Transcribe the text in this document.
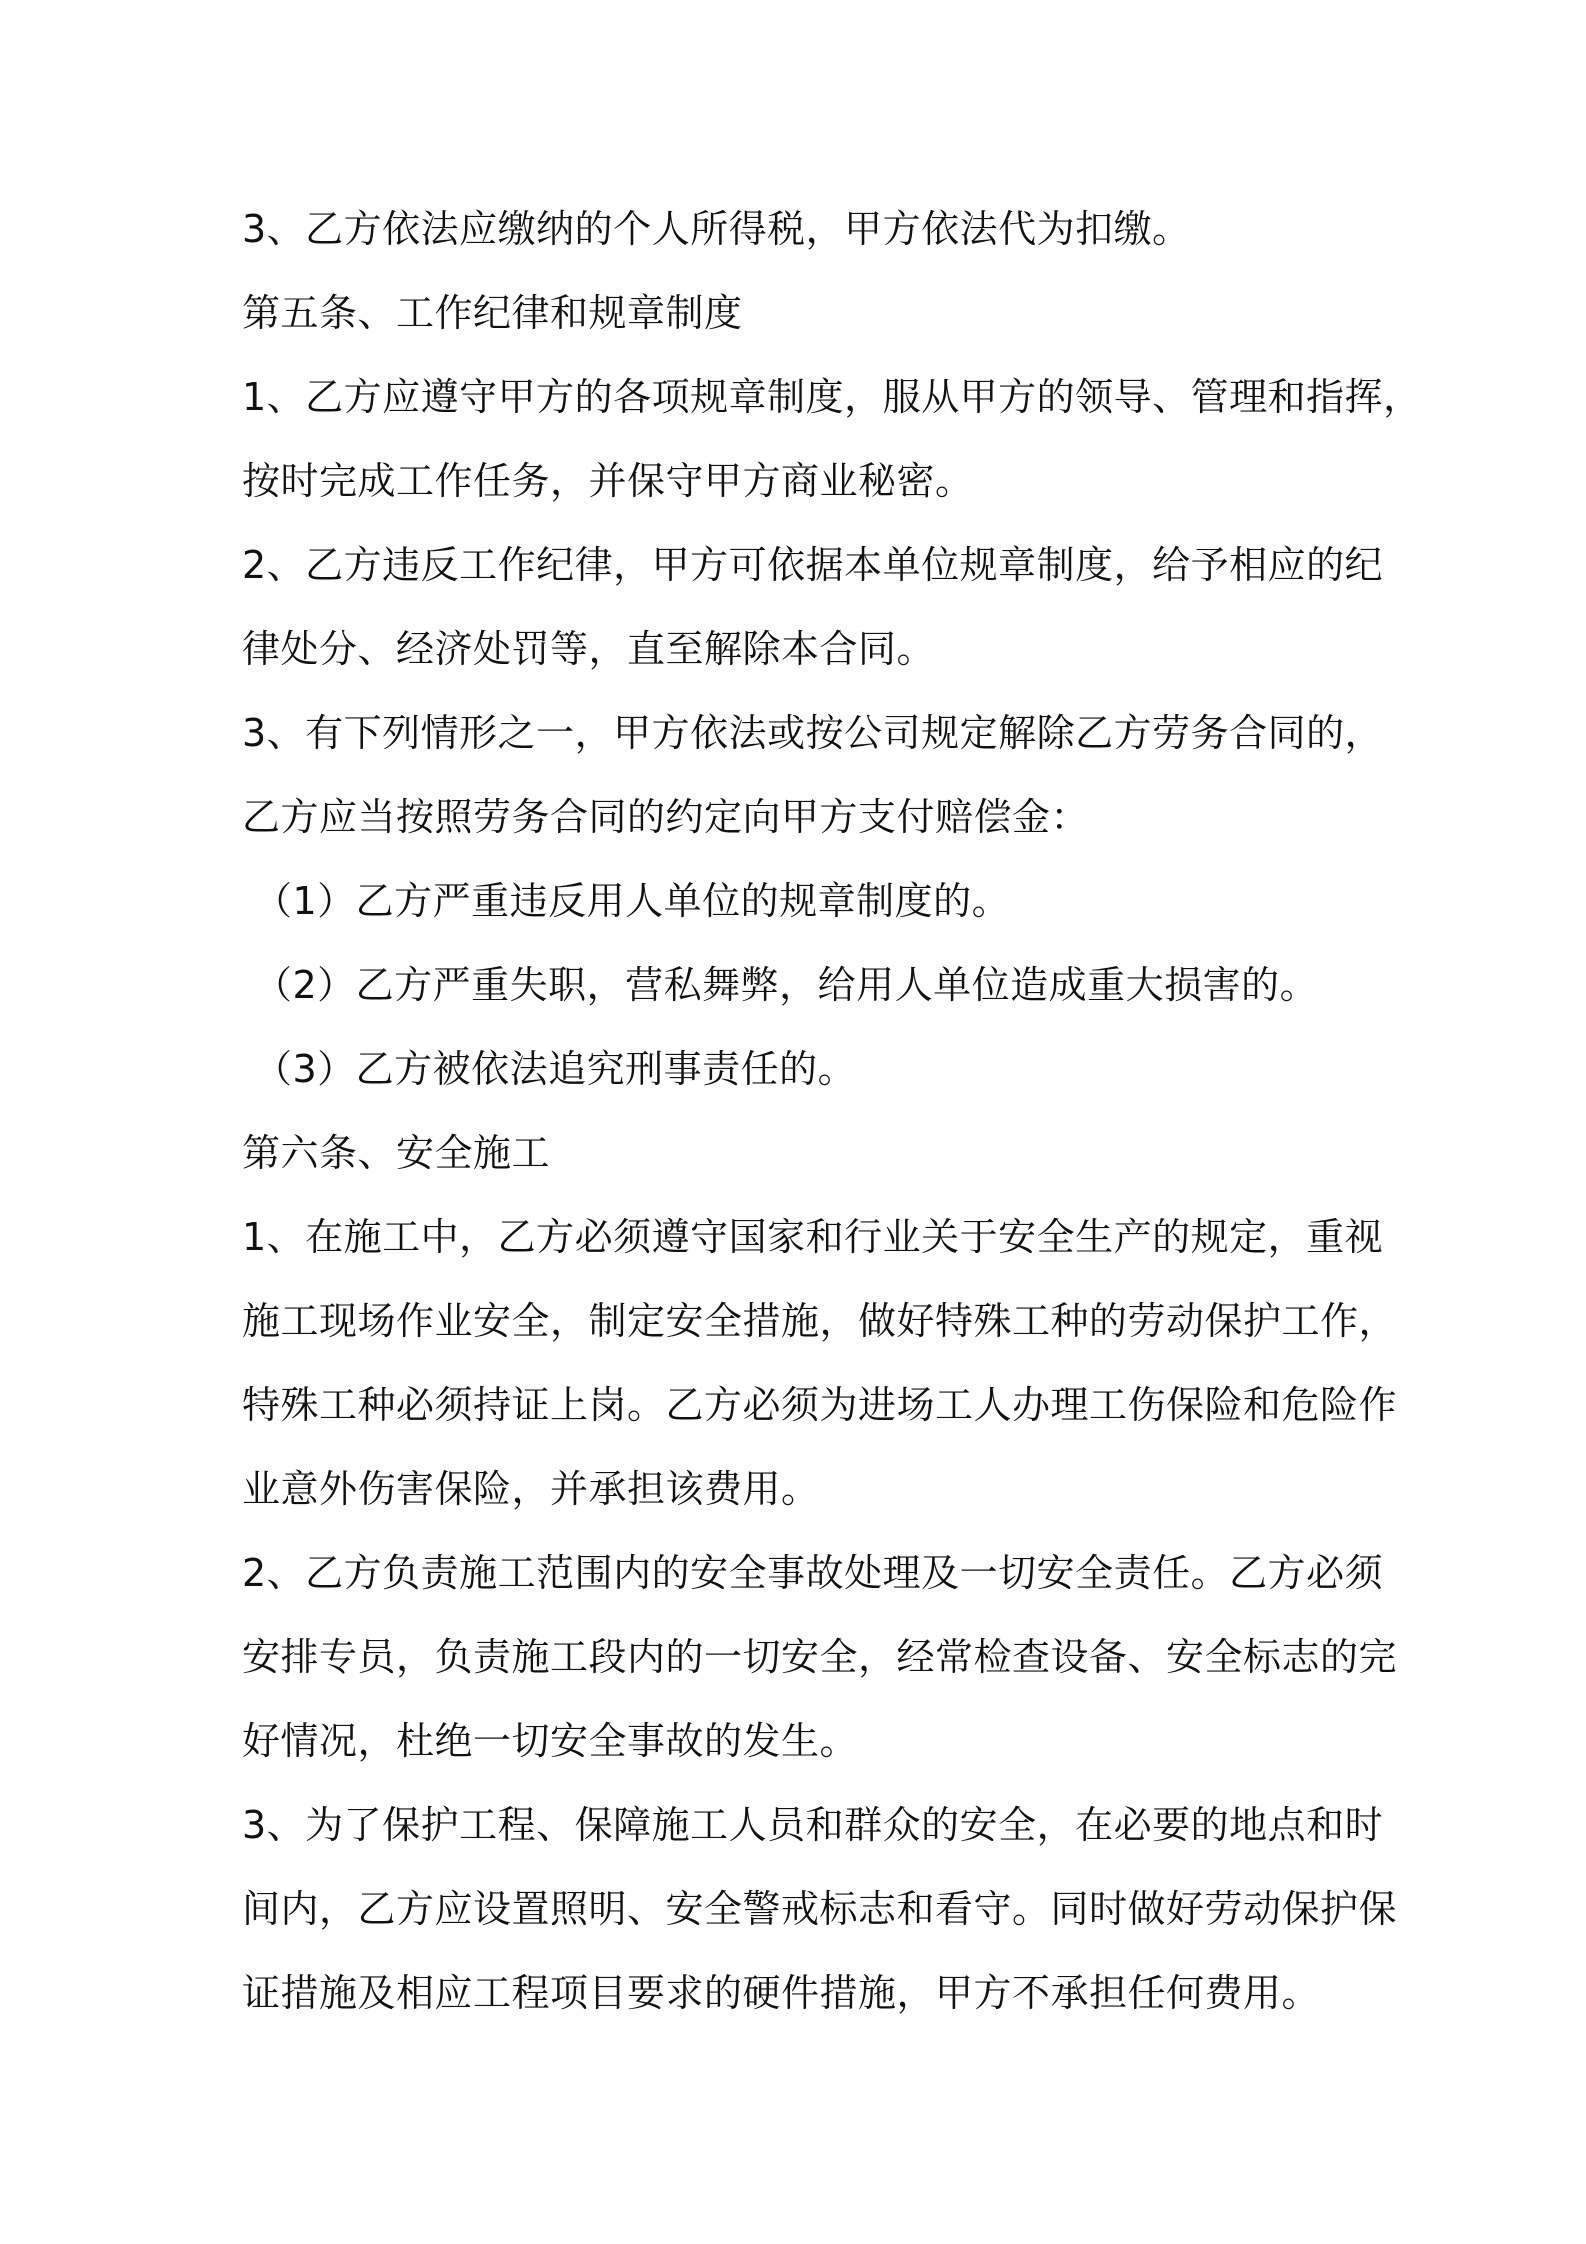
3、乙方依法应缴纳的个人所得税，甲方依法代为扣缴。
第五条、工作纪律和规章制度
1、乙方应遵守甲方的各项规章制度，服从甲方的领导、管理和指挥，
按时完成工作任务，并保守甲方商业秘密。
2、乙方违反工作纪律，甲方可依据本单位规章制度，给予相应的纪
律处分、经济处罚等，直至解除本合同。
3、有下列情形之一，甲方依法或按公司规定解除乙方劳务合同的，
乙方应当按照劳务合同的约定向甲方支付赔偿金：
（1）乙方严重违反用人单位的规章制度的。
（2）乙方严重失职，营私舞弊，给用人单位造成重大损害的。
（3）乙方被依法追究刑事责任的。
第六条、安全施工
1、在施工中，乙方必须遵守国家和行业关于安全生产的规定，重视
施工现场作业安全，制定安全措施，做好特殊工种的劳动保护工作，
特殊工种必须持证上岗。乙方必须为进场工人办理工伤保险和危险作
业意外伤害保险，并承担该费用。
2、乙方负责施工范围内的安全事故处理及一切安全责任。乙方必须
安排专员，负责施工段内的一切安全，经常检查设备、安全标志的完
好情况，杜绝一切安全事故的发生。
3、为了保护工程、保障施工人员和群众的安全，在必要的地点和时
间内，乙方应设置照明、安全警戒标志和看守。同时做好劳动保护保
证措施及相应工程项目要求的硬件措施，甲方不承担任何费用。
